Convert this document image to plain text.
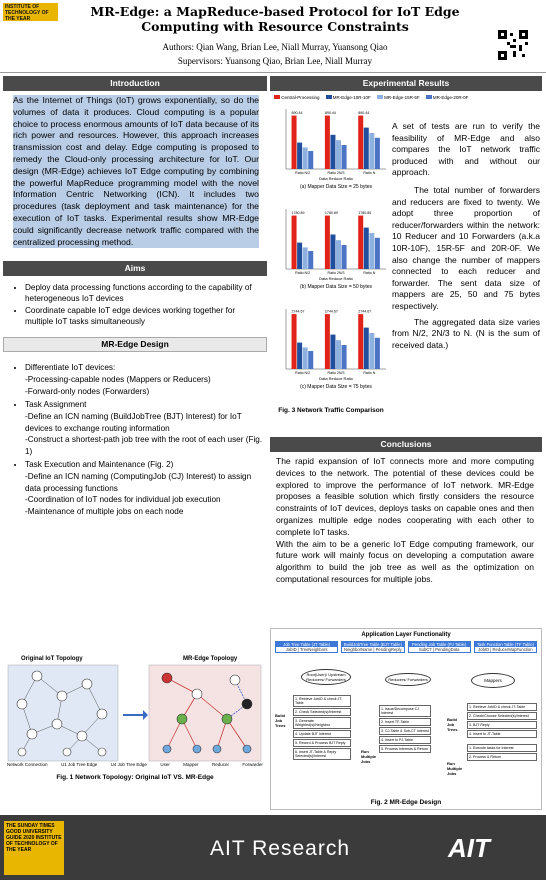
INSTITUTE OF TECHNOLOGY OF THE YEAR	MR-Edge: a MapReduce-based Protocol for IoT Edge Computing with Resource Constraints
Authors: Qian Wang, Brian Lee, Niall Murray, Yuansong Qiao
Supervisors: Yuansong Qiao, Brian Lee, Niall Murray
Introduction
As the Internet of Things (IoT) grows exponentially, so do the volumes of data it produces. Cloud computing is a popular choice to process enormous amounts of IoT data because of its rich power and resources. However, this approach increases transmission cost and delay. Edge computing is proposed to remedy the Cloud-only processing architecture for IoT. Our design (MR-Edge) achieves IoT Edge computing by combining the powerful MapReduce programming model with the novel Information Centric Networking (ICN). It includes two procedures (task deployment and task maintenance) for the execution of IoT tasks. Experimental results show MR-Edge could significantly decrease network traffic compared with the centralized processing method.
Aims
• Deploy data processing functions according to the capability of heterogeneous IoT devices
• Coordinate capable IoT edge devices working together for multiple IoT tasks simultaneously
MR-Edge Design
• Differentiate IoT devices:
-Processing-capable nodes (Mappers or Reducers)
-Forward-only nodes (Forwarders)
• Task Assignment
-Define an ICN naming (BuildJobTree (BJT) Interest) for IoT devices to exchange routing information
-Construct a shortest-path job tree with the root of each user (Fig. 1)
• Task Execution and Maintenance (Fig. 2)
-Define an ICN naming (ComputingJob (CJ) Interest) to assign data processing functions
-Coordination of IoT nodes for individual job execution
-Maintenance of multiple jobs on each node
Original IoT Topology	MR-Edge Topology
Network Connection	U1 Job Tree Edge	U4 Job Tree Edge	User	Mapper	Reducer	Forwarder
Fig. 1 Network Topology: Original IoT VS. MR-Edge
Experimental Results
Central-Processing	MR-Edge-10R-10F	MR-Edge-15R-5F	MR-Edge-20R-0F
890.44
Ratio N/2
890.44
Ratio 2N/3
890.44
Ratio N
Data Reduce Ratio
(a) Mapper Data Size = 25 bytes
1780.89
Ratio N/2
1780.89
Ratio 2N/3
1780.89
Ratio N
Data Reduce Ratio
(b) Mapper Data Size = 50 bytes
2744.67
Ratio N/2
2744.67
Ratio 2N/3
2744.67
Ratio N
Data Reduce Ratio
(c) Mapper Data Size = 75 bytes
Fig. 3 Network Traffic Comparison
A set of tests are run to verify the feasibility of MR-Edge and also compares the IoT network traffic produced with and without our approach.
The total number of forwarders and reducers are fixed to twenty. We adopt three proportion of reducer/forwarders within the network: 10 Reducer and 10 Forwarders (a.k.a 10R-10F), 15R-5F and 20R-0F. We also change the number of mappers connected to each reducer and forwarder. The sent data size of mappers are 25, 50 and 75 bytes respectively.
The aggregated data size varies from N/2, 2N/3 to N. (N is the sum of received data.)
Conclusions
The rapid expansion of IoT connects more and more computing devices to the network. The potential of these devices could be explored to improve the performance of IoT network. MR-Edge proposes a feasible solution which firstly considers the resource constraints of IoT devices, deploys tasks on capable ones and then organizes multiple edge nodes cooperating with each other to complete IoT tasks.
With the aim to be a generic IoT Edge computing framework, our future work will mainly focus on developing a computation aware algorithm to build the job tree as well as the optimization on computational resources for multiple jobs.
Application Layer Functionality
Job Tree Table (JT Table)
JobID | TreeNeighbors
BuildJobTree Table (BJT Table)
NeighborName | PendingReply
Pending Job Table (PJ Table)
SubCT | PendingData
Task Function Table (TF Table)
JobID | ReducerMapFunction
Root(User)/ Upstream Reducers/ Forwarders	Reducers/ Forwarders	Mappers
Build Job Trees
1. Retrieve JobID & check JT-Table
2. Check Selected(s)/Interest
3. Generate Weighted(s)/Neighbor
4. Update BJT Interest
5. Record & Process BJT Reply
6. Insert JT-Table & Reply Selected(s)/Interest
Run Multiple Jobs
1. Issue/Decompose CJ Interest
2. Insert TF-Table
3. CJ-Table & Sub-CT Interest
4. Insert to PJ-Table
5. Process Interests & Return
Build Job Trees
Run Multiple Jobs
1. Retrieve JobID & check JT-Table
2. Check/Choose Selected(s)/Interest
3. BJT Reply
4. Insert to JT-Table
1. Execute tasks for Interest
2. Process & Return
Fig. 2 MR-Edge Design
THE SUNDAY TIMES GOOD UNIVERSITY GUIDE 2020 INSTITUTE OF TECHNOLOGY OF THE YEAR	AIT Research	AIT
